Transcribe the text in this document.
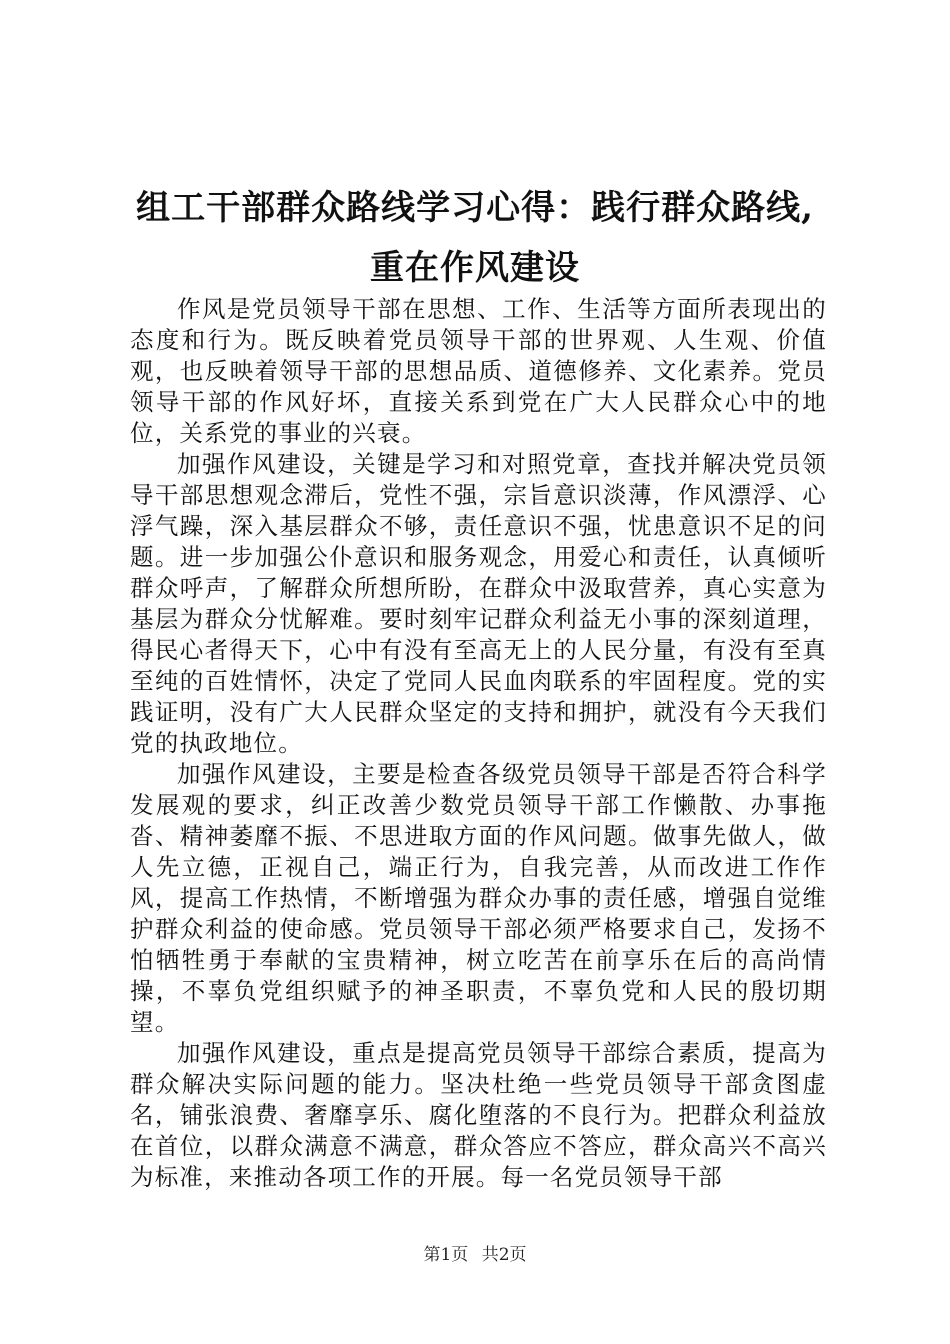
组工干部群众路线学习心得：践行群众路线,
重在作风建设

作风是党员领导干部在思想、工作、生活等方面所表现出的态度和行为。既反映着党员领导干部的世界观、人生观、价值观，也反映着领导干部的思想品质、道德修养、文化素养。党员领导干部的作风好坏，直接关系到党在广大人民群众心中的地位，关系党的事业的兴衰。

加强作风建设，关键是学习和对照党章，查找并解决党员领导干部思想观念滞后，党性不强，宗旨意识淡薄，作风漂浮、心浮气躁，深入基层群众不够，责任意识不强，忧患意识不足的问题。进一步加强公仆意识和服务观念，用爱心和责任，认真倾听群众呼声，了解群众所想所盼，在群众中汲取营养，真心实意为基层为群众分忧解难。要时刻牢记群众利益无小事的深刻道理，得民心者得天下，心中有没有至高无上的人民分量，有没有至真至纯的百姓情怀，决定了党同人民血肉联系的牢固程度。党的实践证明，没有广大人民群众坚定的支持和拥护，就没有今天我们党的执政地位。

加强作风建设，主要是检查各级党员领导干部是否符合科学发展观的要求，纠正改善少数党员领导干部工作懒散、办事拖沓、精神萎靡不振、不思进取方面的作风问题。做事先做人，做人先立德，正视自己，端正行为，自我完善，从而改进工作作风，提高工作热情，不断增强为群众办事的责任感，增强自觉维护群众利益的使命感。党员领导干部必须严格要求自己，发扬不怕牺牲勇于奉献的宝贵精神，树立吃苦在前享乐在后的高尚情操，不辜负党组织赋予的神圣职责，不辜负党和人民的殷切期望。

加强作风建设，重点是提高党员领导干部综合素质，提高为群众解决实际问题的能力。坚决杜绝一些党员领导干部贪图虚名，铺张浪费、奢靡享乐、腐化堕落的不良行为。把群众利益放在首位，以群众满意不满意，群众答应不答应，群众高兴不高兴为标准，来推动各项工作的开展。每一名党员领导干部

第1页 共2页
